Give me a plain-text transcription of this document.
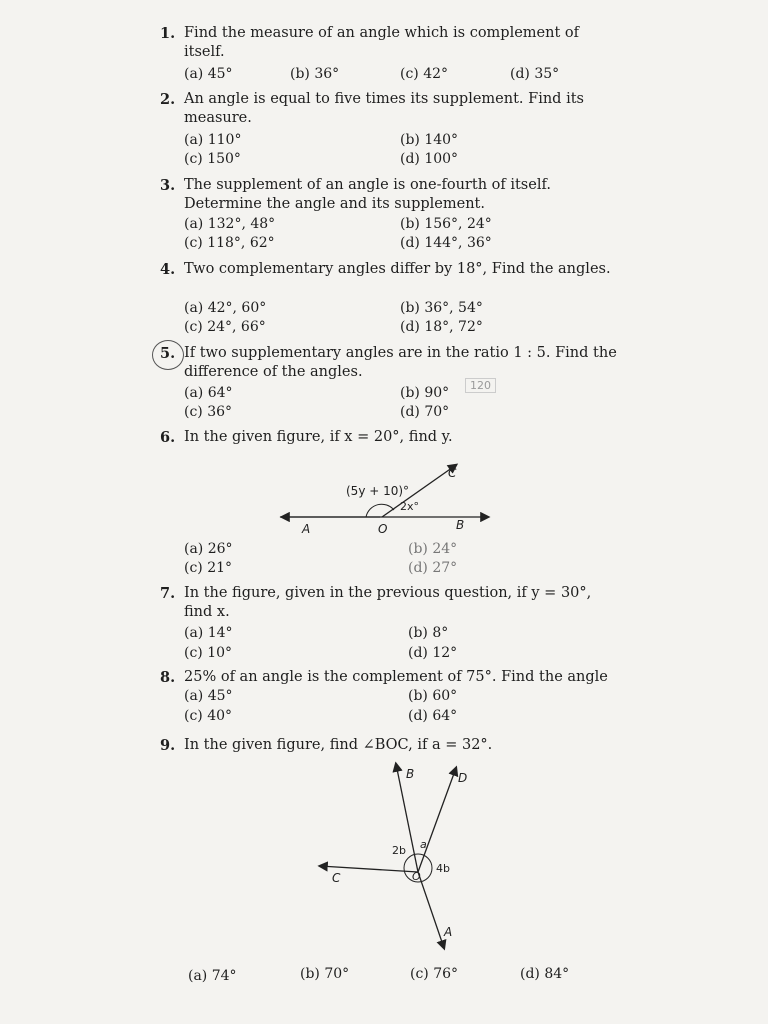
1. Find the measure of an angle which is complement of itself.
(a) 45°	(b) 36°	(c) 42°	(d) 35°
2. An angle is equal to five times its supplement. Find its measure.
(a) 110°	(b) 140°
(c) 150°	(d) 100°
3. The supplement of an angle is one-fourth of itself. Determine the angle and its supplement.
(a) 132°, 48°	(b) 156°, 24°
(c) 118°, 62°	(d) 144°, 36°
4. Two complementary angles differ by 18°, Find the angles.
(a) 42°, 60°	(b) 36°, 54°
(c) 24°, 66°	(d) 18°, 72°
5. If two supplementary angles are in the ratio 1 : 5. Find the difference of the angles.
(a) 64°	(b) 90°	120
(c) 36°	(d) 70°
6. In the given figure, if x = 20°, find y.
(5y + 10)°
2x°
A	O	B
C
(a) 26°	(b) 24°
(c) 21°	(d) 27°
7. In the figure, given in the previous question, if y = 30°, find x.
(a) 14°	(b) 8°
(c) 10°	(d) 12°
8. 25% of an angle is the complement of 75°. Find the angle
(a) 45°	(b) 60°
(c) 40°	(d) 64°
9. In the given figure, find ∠BOC, if a = 32°.
B	D
C
A
O
2b a
4b
(a) 74°	(b) 70°	(c) 76°	(d) 84°
